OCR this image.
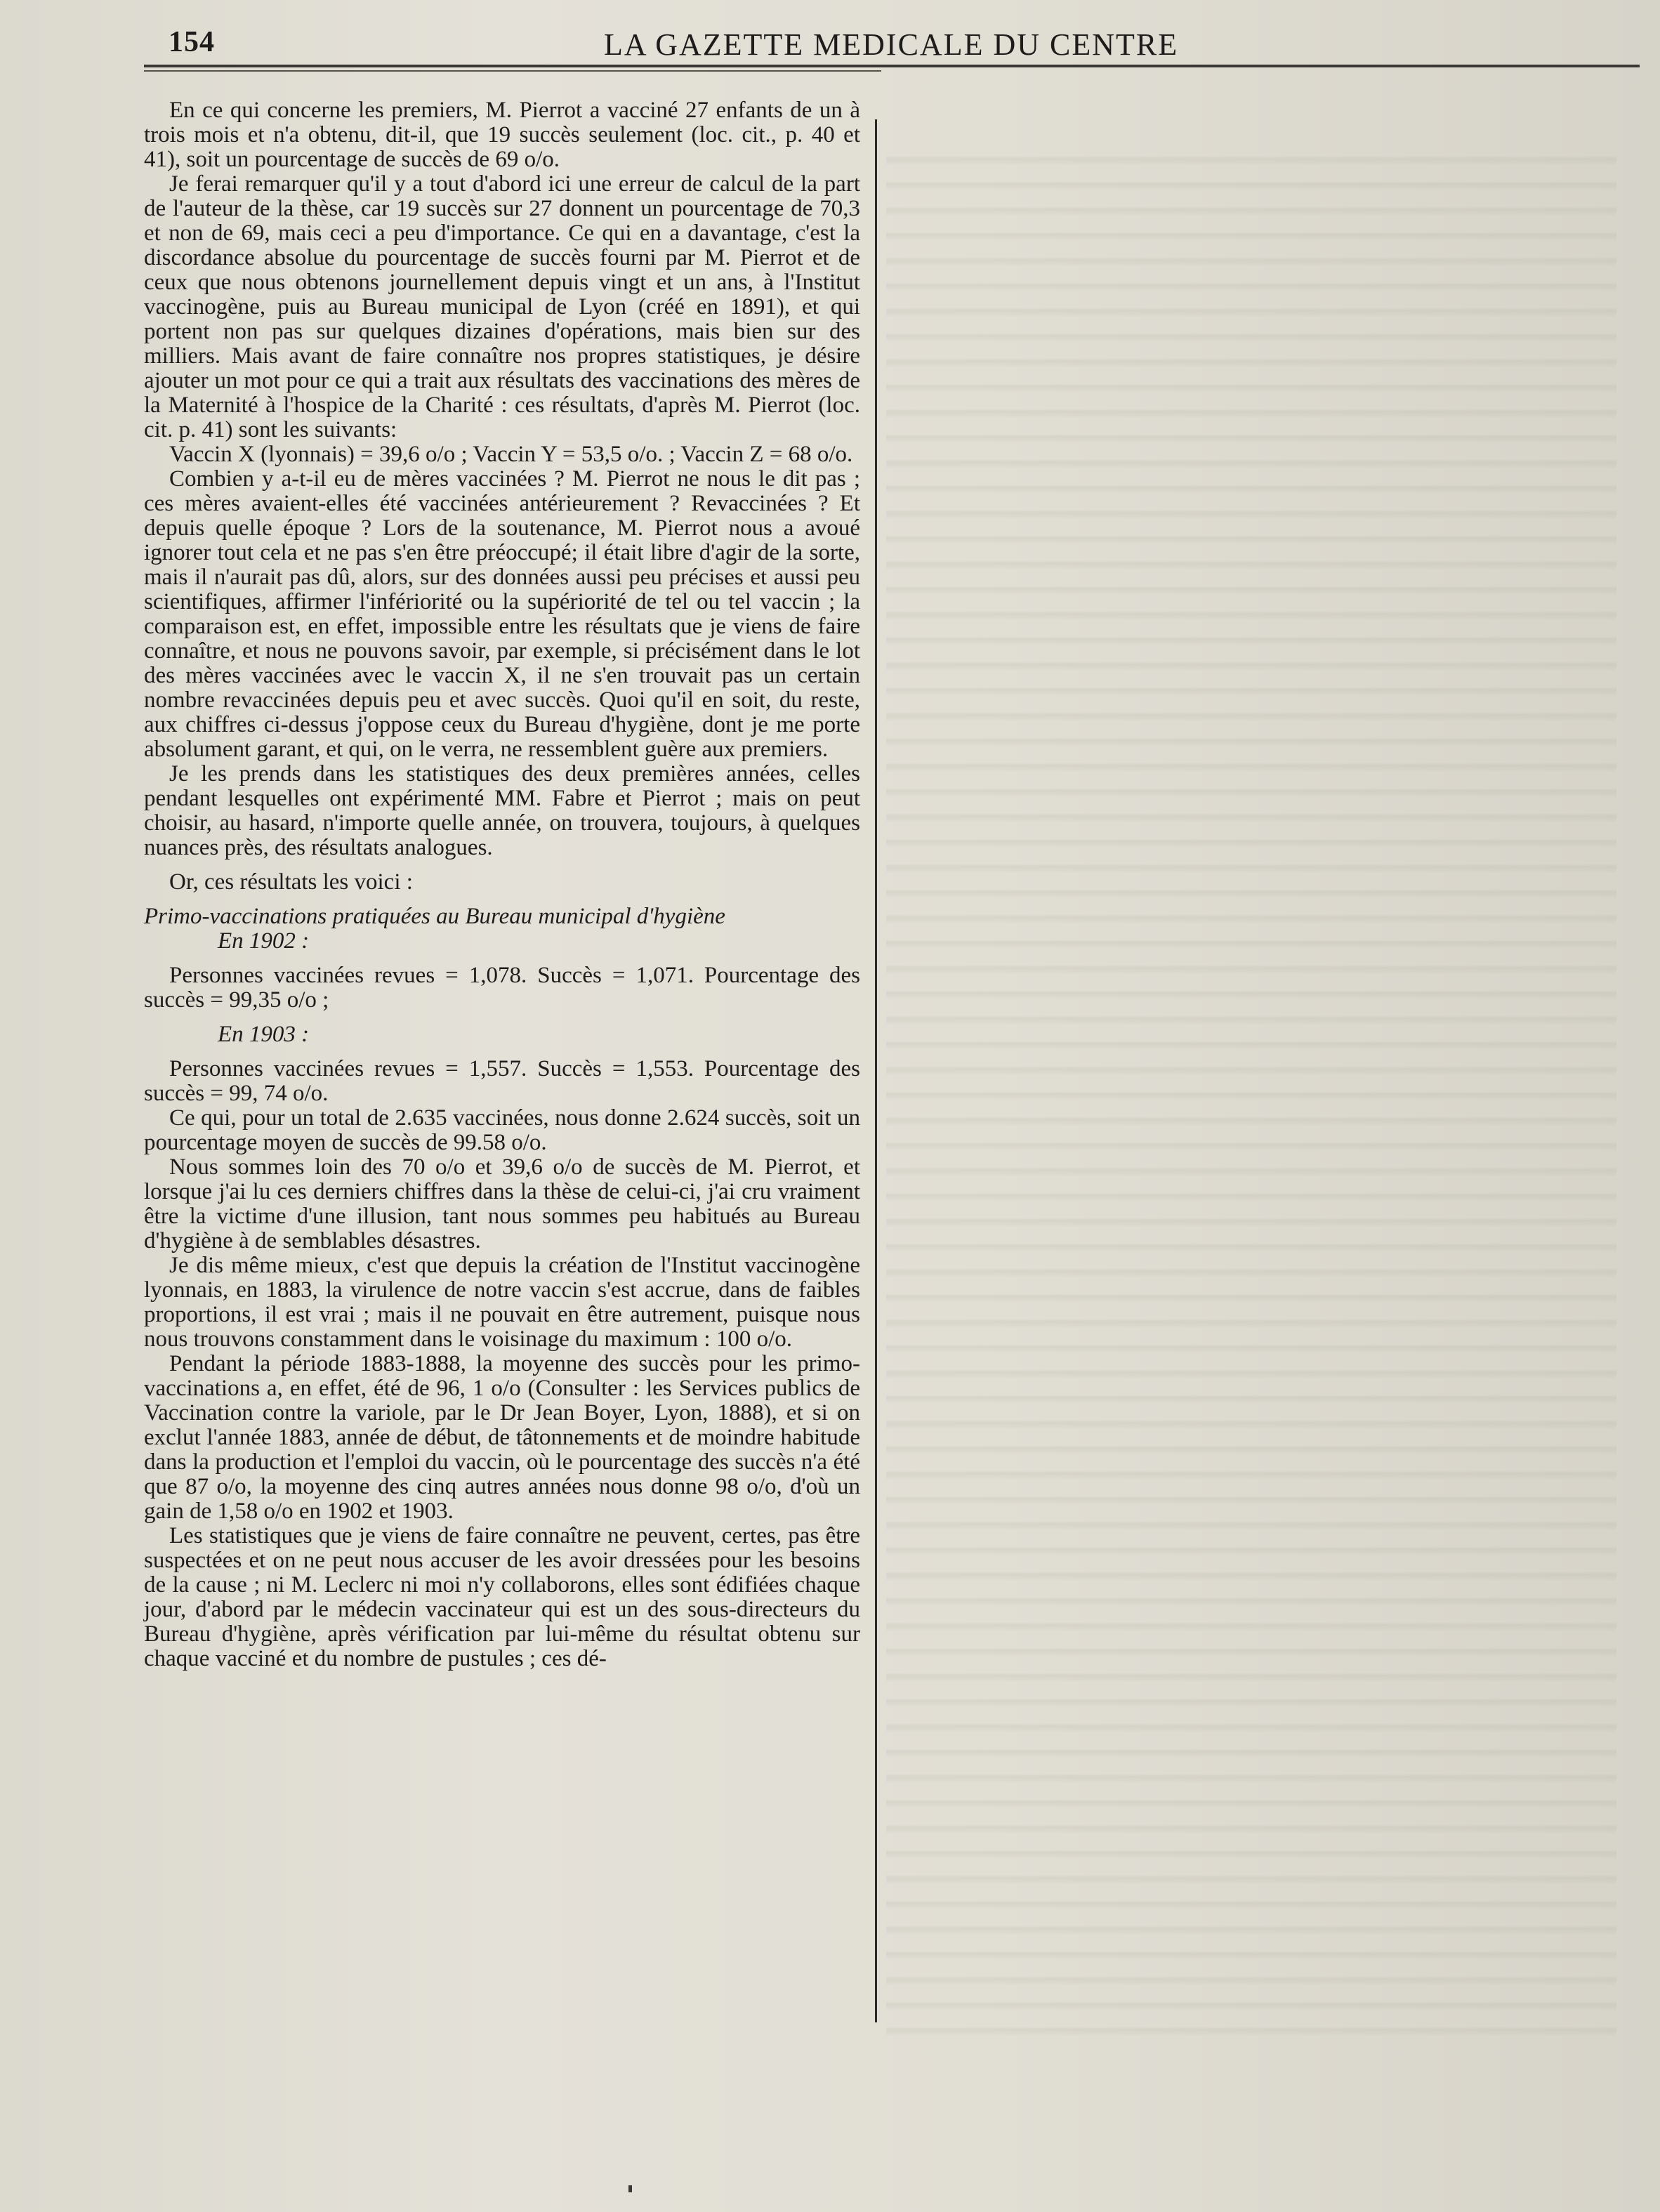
154	LA GAZETTE MEDICALE DU CENTRE

En ce qui concerne les premiers, M. Pierrot a vacciné 27 enfants de un à trois mois et n'a obtenu, dit-il, que 19 succès seulement (loc. cit., p. 40 et 41), soit un pourcentage de succès de 69 o/o.

Je ferai remarquer qu'il y a tout d'abord ici une erreur de calcul de la part de l'auteur de la thèse, car 19 succès sur 27 donnent un pourcentage de 70,3 et non de 69, mais ceci a peu d'importance. Ce qui en a davantage, c'est la discordance absolue du pourcentage de succès fourni par M. Pierrot et de ceux que nous obtenons journellement depuis vingt et un ans, à l'Institut vaccinogène, puis au Bureau municipal de Lyon (créé en 1891), et qui portent non pas sur quelques dizaines d'opérations, mais bien sur des milliers. Mais avant de faire connaître nos propres statistiques, je désire ajouter un mot pour ce qui a trait aux résultats des vaccinations des mères de la Maternité à l'hospice de la Charité : ces résultats, d'après M. Pierrot (loc. cit. p. 41) sont les suivants:

Vaccin X (lyonnais) = 39,6 o/o ; Vaccin Y = 53,5 o/o. ; Vaccin Z = 68 o/o.

Combien y a-t-il eu de mères vaccinées ? M. Pierrot ne nous le dit pas ; ces mères avaient-elles été vaccinées antérieurement ? Revaccinées ? Et depuis quelle époque ? Lors de la soutenance, M. Pierrot nous a avoué ignorer tout cela et ne pas s'en être préoccupé; il était libre d'agir de la sorte, mais il n'aurait pas dû, alors, sur des données aussi peu précises et aussi peu scientifiques, affirmer l'infériorité ou la supériorité de tel ou tel vaccin ; la comparaison est, en effet, impossible entre les résultats que je viens de faire connaître, et nous ne pouvons savoir, par exemple, si précisément dans le lot des mères vaccinées avec le vaccin X, il ne s'en trouvait pas un certain nombre revaccinées depuis peu et avec succès. Quoi qu'il en soit, du reste, aux chiffres ci-dessus j'oppose ceux du Bureau d'hygiène, dont je me porte absolument garant, et qui, on le verra, ne ressemblent guère aux premiers.

Je les prends dans les statistiques des deux premières années, celles pendant lesquelles ont expérimenté MM. Fabre et Pierrot ; mais on peut choisir, au hasard, n'importe quelle année, on trouvera, toujours, à quelques nuances près, des résultats analogues.

Or, ces résultats les voici :

Primo-vaccinations pratiquées au Bureau municipal d'hygiène

En 1902 :

Personnes vaccinées revues = 1,078. Succès = 1,071. Pourcentage des succès = 99,35 o/o ;

En 1903 :

Personnes vaccinées revues = 1,557. Succès = 1,553. Pourcentage des succès = 99, 74 o/o.

Ce qui, pour un total de 2.635 vaccinées, nous donne 2.624 succès, soit un pourcentage moyen de succès de 99.58 o/o.

Nous sommes loin des 70 o/o et 39,6 o/o de succès de M. Pierrot, et lorsque j'ai lu ces derniers chiffres dans la thèse de celui-ci, j'ai cru vraiment être la victime d'une illusion, tant nous sommes peu habitués au Bureau d'hygiène à de semblables désastres.

Je dis même mieux, c'est que depuis la création de l'Institut vaccinogène lyonnais, en 1883, la virulence de notre vaccin s'est accrue, dans de faibles proportions, il est vrai ; mais il ne pouvait en être autrement, puisque nous nous trouvons constamment dans le voisinage du maximum : 100 o/o.

Pendant la période 1883-1888, la moyenne des succès pour les primo-vaccinations a, en effet, été de 96, 1 o/o (Consulter : les Services publics de Vaccination contre la variole, par le Dr Jean Boyer, Lyon, 1888), et si on exclut l'année 1883, année de début, de tâtonnements et de moindre habitude dans la production et l'emploi du vaccin, où le pourcentage des succès n'a été que 87 o/o, la moyenne des cinq autres années nous donne 98 o/o, d'où un gain de 1,58 o/o en 1902 et 1903.

Les statistiques que je viens de faire connaître ne peuvent, certes, pas être suspectées et on ne peut nous accuser de les avoir dressées pour les besoins de la cause ; ni M. Leclerc ni moi n'y collaborons, elles sont édifiées chaque jour, d'abord par le médecin vaccinateur qui est un des sous-directeurs du Bureau d'hygiène, après vérification par lui-même du résultat obtenu sur chaque vacciné et du nombre de pustules ; ces dé-
